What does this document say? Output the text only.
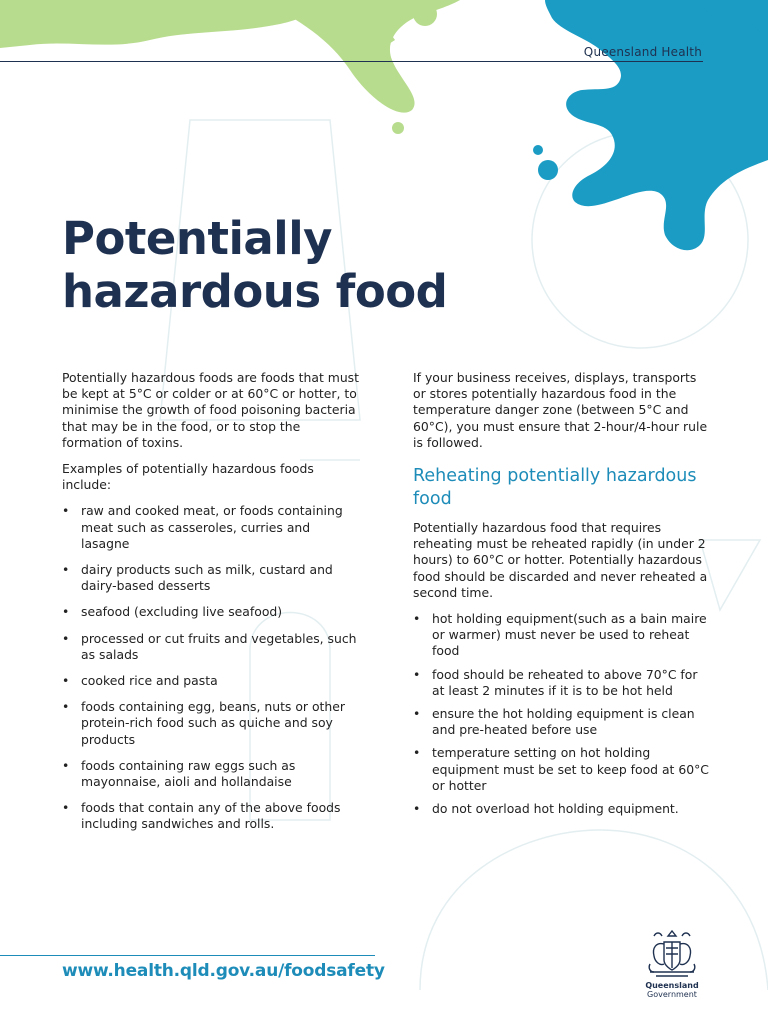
Queensland Health
Potentially
hazardous food

Potentially hazardous foods are foods that must be kept at 5°C or colder or at 60°C or hotter, to minimise the growth of food poisoning bacteria that may be in the food, or to stop the formation of toxins.

Examples of potentially hazardous foods include:

• raw and cooked meat, or foods containing meat such as casseroles, curries and lasagne
• dairy products such as milk, custard and dairy-based desserts
• seafood (excluding live seafood)
• processed or cut fruits and vegetables, such as salads
• cooked rice and pasta
• foods containing egg, beans, nuts or other protein-rich food such as quiche and soy products
• foods containing raw eggs such as mayonnaise, aioli and hollandaise
• foods that contain any of the above foods including sandwiches and rolls.

If your business receives, displays, transports or stores potentially hazardous food in the temperature danger zone (between 5°C and 60°C), you must ensure that 2-hour/4-hour rule is followed.

Reheating potentially hazardous food

Potentially hazardous food that requires reheating must be reheated rapidly (in under 2 hours) to 60°C or hotter. Potentially hazardous food should be discarded and never reheated a second time.

• hot holding equipment(such as a bain maire or warmer) must never be used to reheat food
• food should be reheated to above 70°C for at least 2 minutes if it is to be hot held
• ensure the hot holding equipment is clean and pre-heated before use
• temperature setting on hot holding equipment must be set to keep food at 60°C or hotter
• do not overload hot holding equipment.
www.health.qld.gov.au/foodsafety
Queensland
Government
